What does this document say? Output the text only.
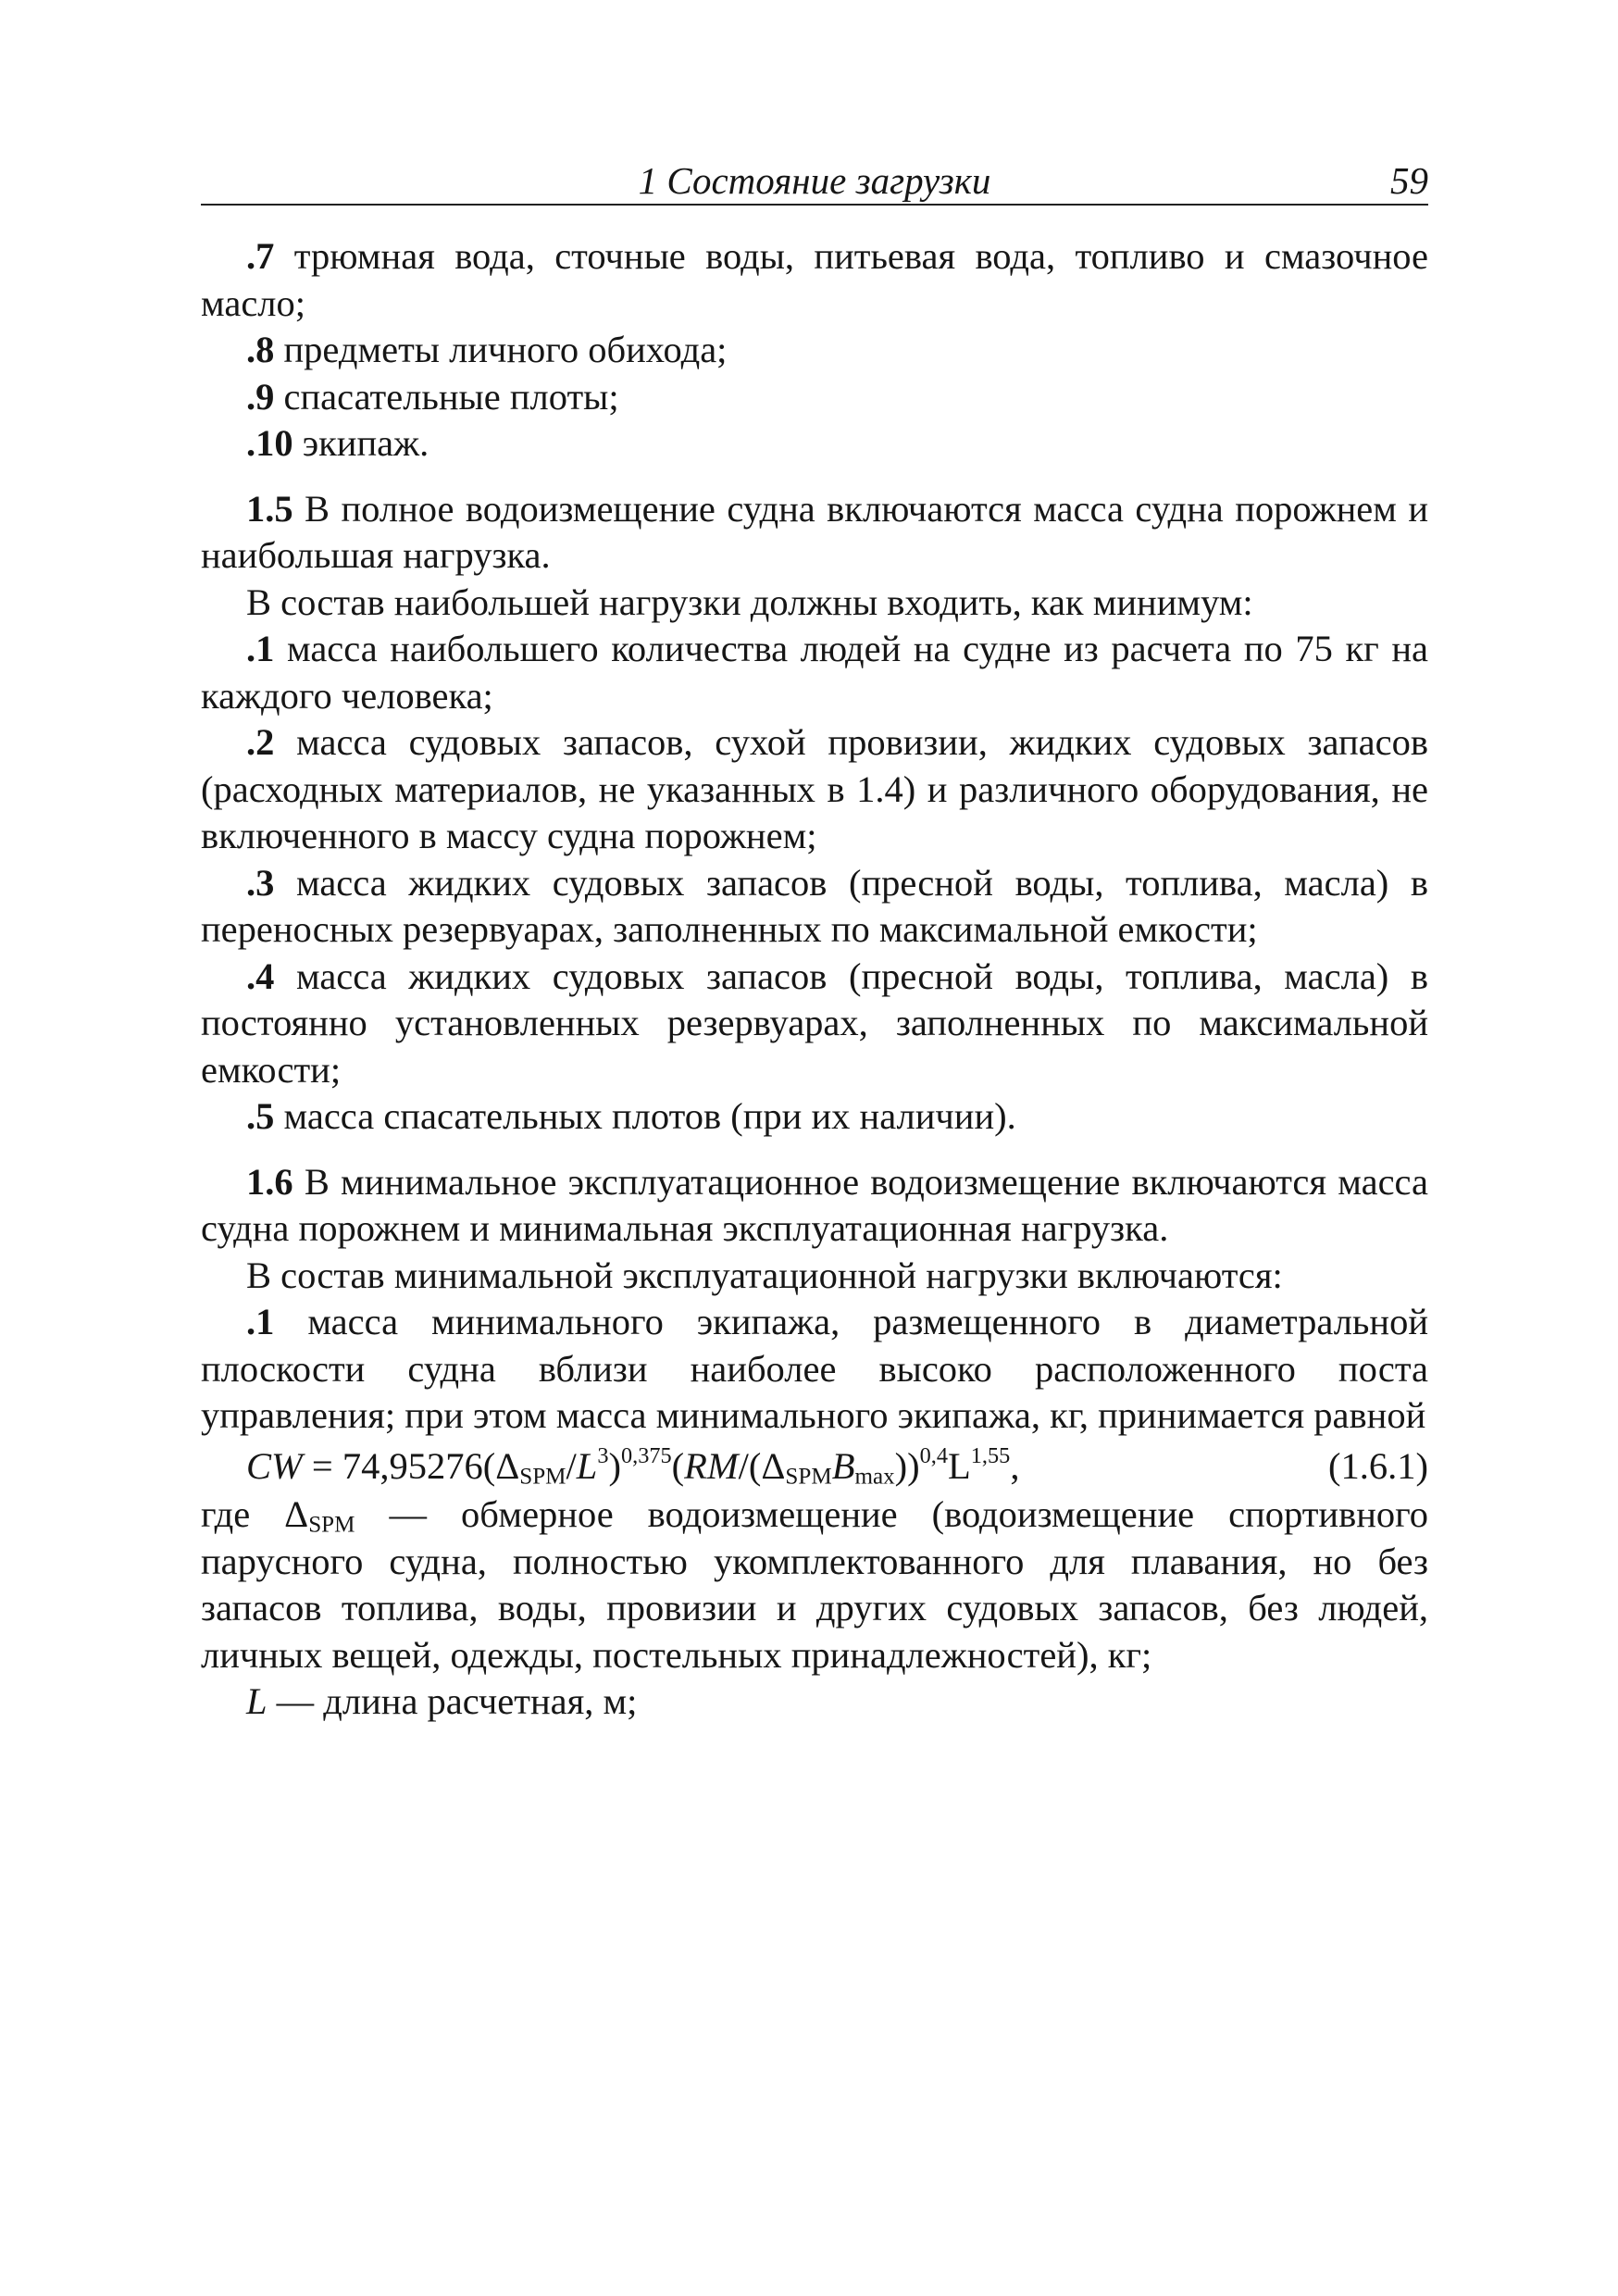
1 Состояние загрузки	59

.7 трюмная вода, сточные воды, питьевая вода, топливо и смазочное масло;

.8 предметы личного обихода;

.9 спасательные плоты;

.10 экипаж.

1.5 В полное водоизмещение судна включаются масса судна порожнем и наибольшая нагрузка.

В состав наибольшей нагрузки должны входить, как минимум:

.1 масса наибольшего количества людей на судне из расчета по 75 кг на каждого человека;

.2 масса судовых запасов, сухой провизии, жидких судовых запасов (расходных материалов, не указанных в 1.4) и различного оборудования, не включенного в массу судна порожнем;

.3 масса жидких судовых запасов (пресной воды, топлива, масла) в переносных резервуарах, заполненных по максимальной емкости;

.4 масса жидких судовых запасов (пресной воды, топлива, масла) в постоянно установленных резервуарах, заполненных по максимальной емкости;

.5 масса спасательных плотов (при их наличии).

1.6 В минимальное эксплуатационное водоизмещение включаются масса судна порожнем и минимальная эксплуатационная нагрузка.

В состав минимальной эксплуатационной нагрузки включаются:

.1 масса минимального экипажа, размещенного в диаметральной плоскости судна вблизи наиболее высоко расположенного поста управления; при этом масса минимального экипажа, кг, принимается равной

CW = $74,95276(\Delta_{SPM}/L^3)^{0,375}(RM/(\Delta_{SPM}B_{max}))^{0,4}L^{1,55}$,	(1.6.1)

где ΔSPM — обмерное водоизмещение (водоизмещение спортивного парусного судна, полностью укомплектованного для плавания, но без запасов топлива, воды, провизии и других судовых запасов, без людей, личных вещей, одежды, постельных принадлежностей), кг;

L — длина расчетная, м;
